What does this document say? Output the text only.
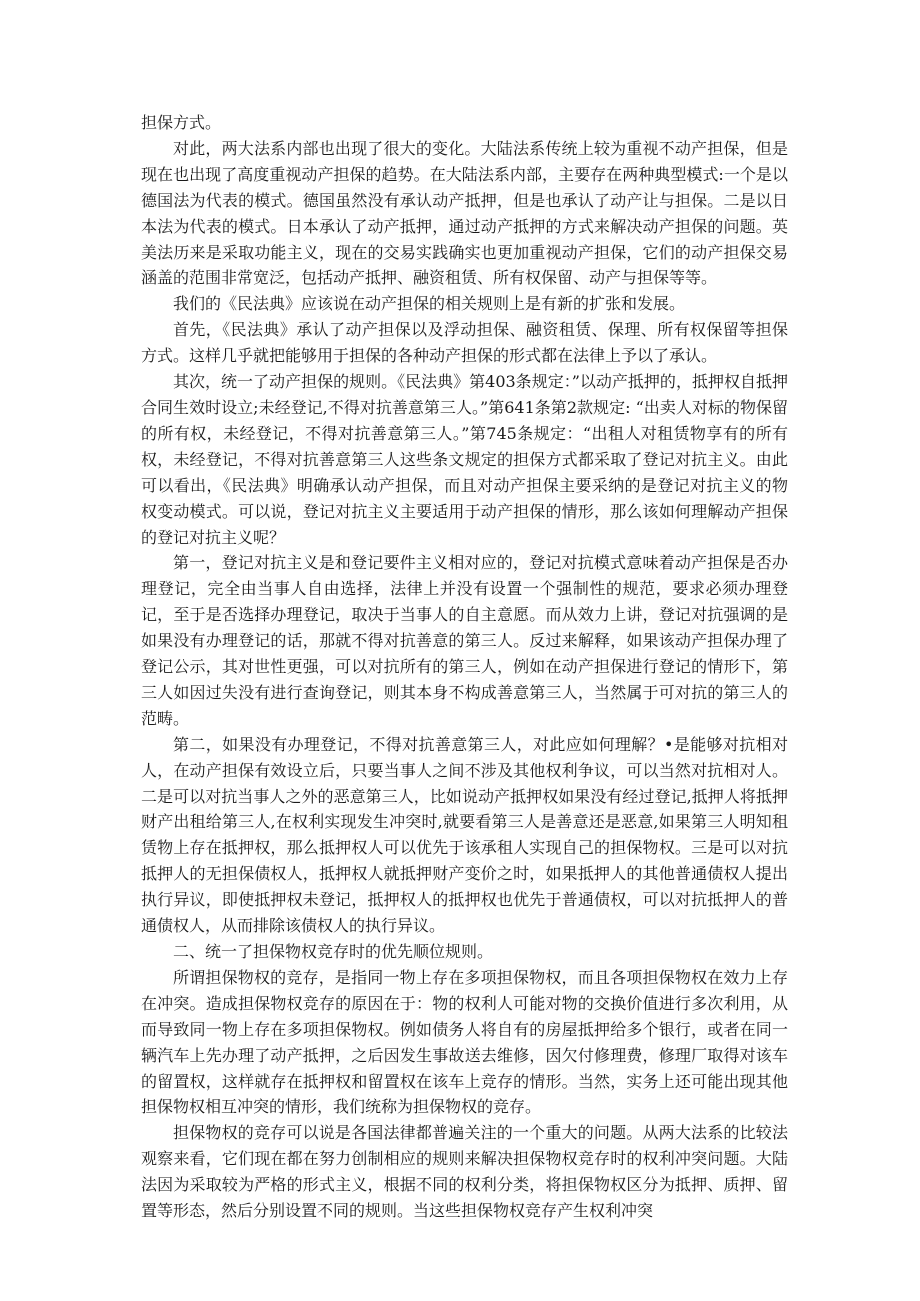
担保方式。

对此，两大法系内部也出现了很大的变化。大陆法系传统上较为重视不动产担保，但是现在也出现了高度重视动产担保的趋势。在大陆法系内部，主要存在两种典型模式:一个是以德国法为代表的模式。德国虽然没有承认动产抵押，但是也承认了动产让与担保。二是以日本法为代表的模式。日本承认了动产抵押，通过动产抵押的方式来解决动产担保的问题。英美法历来是采取功能主义，现在的交易实践确实也更加重视动产担保，它们的动产担保交易涵盖的范围非常宽泛，包括动产抵押、融资租赁、所有权保留、动产与担保等等。

我们的《民法典》应该说在动产担保的相关规则上是有新的扩张和发展。

首先，《民法典》承认了动产担保以及浮动担保、融资租赁、保理、所有权保留等担保方式。这样几乎就把能够用于担保的各种动产担保的形式都在法律上予以了承认。

其次，统一了动产担保的规则。《民法典》第403条规定：”以动产抵押的，抵押权自抵押合同生效时设立;未经登记,不得对抗善意第三人。”第641条第2款规定: “出卖人对标的物保留的所有权，未经登记，不得对抗善意第三人。”第745条规定：“出租人对租赁物享有的所有权，未经登记，不得对抗善意第三人这些条文规定的担保方式都采取了登记对抗主义。由此可以看出，《民法典》明确承认动产担保，而且对动产担保主要采纳的是登记对抗主义的物权变动模式。可以说，登记对抗主义主要适用于动产担保的情形，那么该如何理解动产担保的登记对抗主义呢？

第一，登记对抗主义是和登记要件主义相对应的，登记对抗模式意味着动产担保是否办理登记，完全由当事人自由选择，法律上并没有设置一个强制性的规范，要求必须办理登记，至于是否选择办理登记，取决于当事人的自主意愿。而从效力上讲，登记对抗强调的是如果没有办理登记的话，那就不得对抗善意的第三人。反过来解释，如果该动产担保办理了登记公示，其对世性更强，可以对抗所有的第三人，例如在动产担保进行登记的情形下，第三人如因过失没有进行查询登记，则其本身不构成善意第三人，当然属于可对抗的第三人的范畴。

第二，如果没有办理登记，不得对抗善意第三人，对此应如何理解？•是能够对抗相对人，在动产担保有效设立后，只要当事人之间不涉及其他权利争议，可以当然对抗相对人。二是可以对抗当事人之外的恶意第三人，比如说动产抵押权如果没有经过登记,抵押人将抵押财产出租给第三人,在权利实现发生冲突时,就要看第三人是善意还是恶意,如果第三人明知租赁物上存在抵押权，那么抵押权人可以优先于该承租人实现自己的担保物权。三是可以对抗抵押人的无担保债权人，抵押权人就抵押财产变价之时，如果抵押人的其他普通债权人提出执行异议，即使抵押权未登记，抵押权人的抵押权也优先于普通债权，可以对抗抵押人的普通债权人，从而排除该债权人的执行异议。

二、统一了担保物权竞存时的优先顺位规则。

所谓担保物权的竞存，是指同一物上存在多项担保物权，而且各项担保物权在效力上存在冲突。造成担保物权竞存的原因在于：物的权利人可能对物的交换价值进行多次利用，从而导致同一物上存在多项担保物权。例如债务人将自有的房屋抵押给多个银行，或者在同一辆汽车上先办理了动产抵押，之后因发生事故送去维修，因欠付修理费，修理厂取得对该车的留置权，这样就存在抵押权和留置权在该车上竞存的情形。当然，实务上还可能出现其他担保物权相互冲突的情形，我们统称为担保物权的竞存。

担保物权的竞存可以说是各国法律都普遍关注的一个重大的问题。从两大法系的比较法观察来看，它们现在都在努力创制相应的规则来解决担保物权竞存时的权利冲突问题。大陆法因为采取较为严格的形式主义，根据不同的权利分类，将担保物权区分为抵押、质押、留置等形态，然后分别设置不同的规则。当这些担保物权竞存产生权利冲突
